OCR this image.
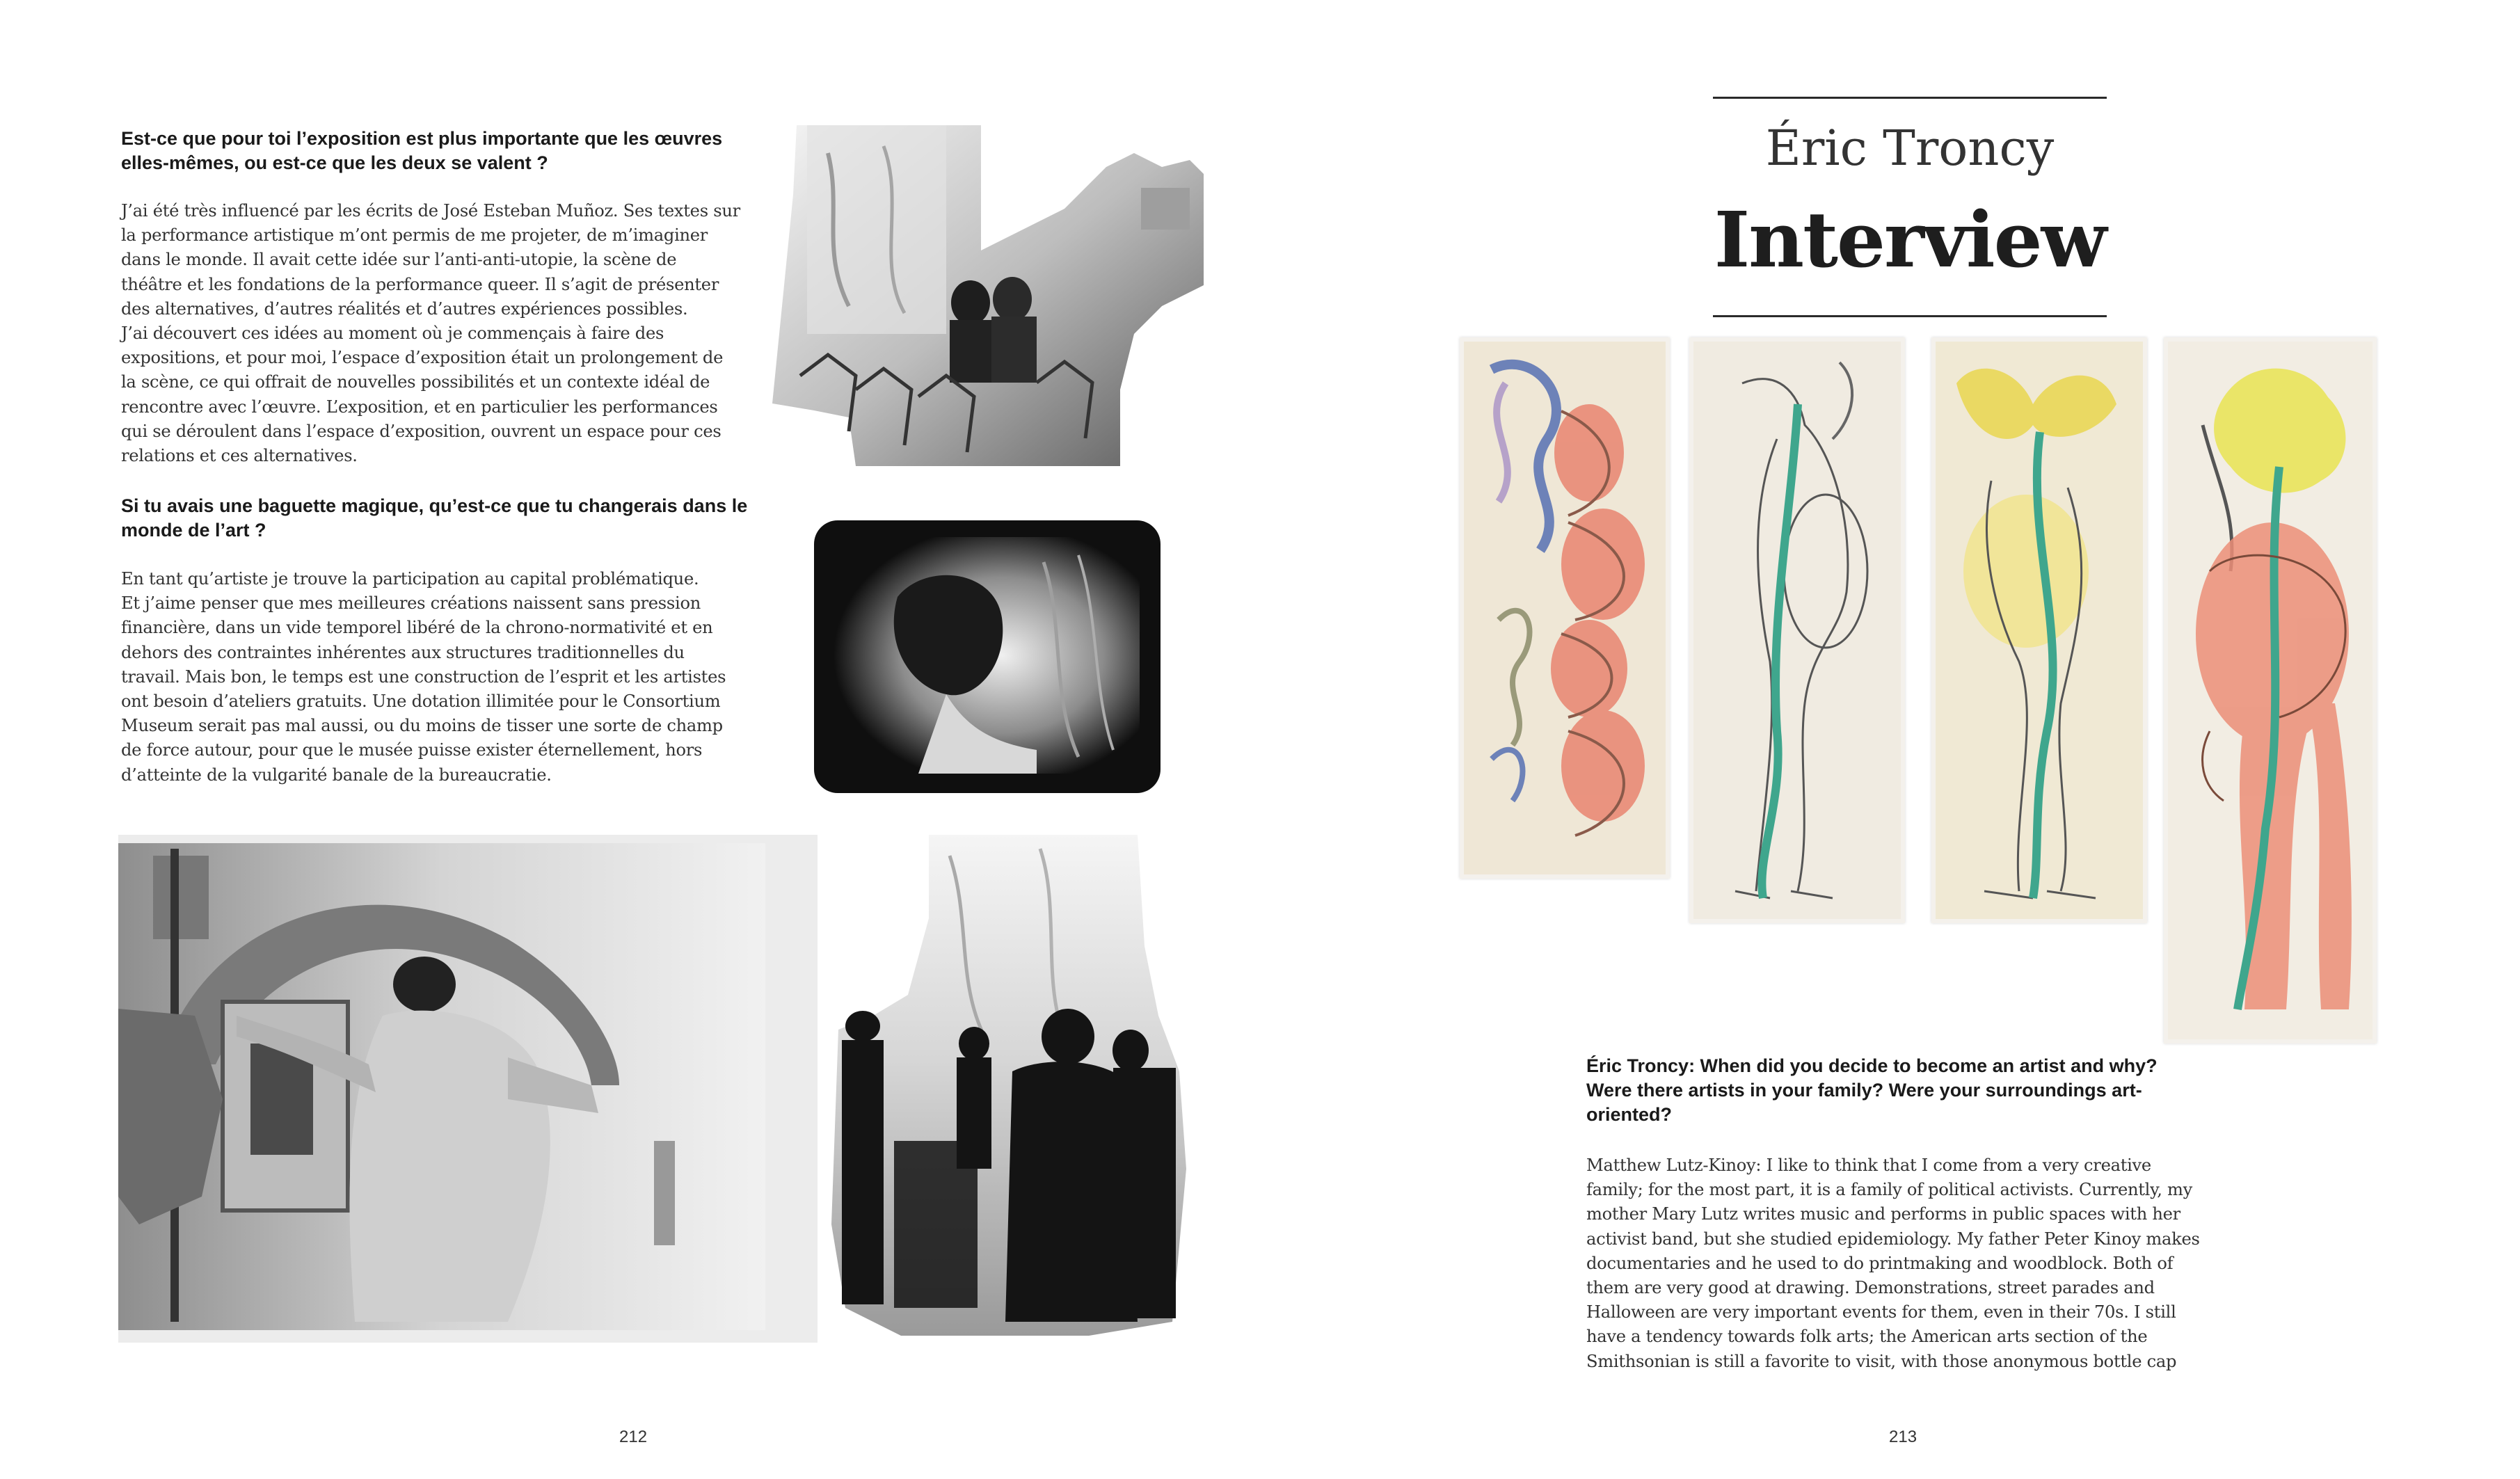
Est-ce que pour toi l’exposition est plus importante que les œuvres elles-mêmes, ou est-ce que les deux se valent ?

J’ai été très influencé par les écrits de José Esteban Muñoz. Ses textes sur

la performance artistique m’ont permis de me projeter, de m’imaginer

dans le monde. Il avait cette idée sur l’anti-anti-utopie, la scène de

théâtre et les fondations de la performance queer. Il s’agit de présenter

des alternatives, d’autres réalités et d’autres expériences possibles.

J’ai découvert ces idées au moment où je commençais à faire des

expositions, et pour moi, l’espace d’exposition était un prolongement de

la scène, ce qui offrait de nouvelles possibilités et un contexte idéal de

rencontre avec l’œuvre. L’exposition, et en particulier les performances

qui se déroulent dans l’espace d’exposition, ouvrent un espace pour ces

relations et ces alternatives.

Si tu avais une baguette magique, qu’est-ce que tu changerais dans le monde de l’art ?

En tant qu’artiste je trouve la participation au capital problématique.

Et j’aime penser que mes meilleures créations naissent sans pression

financière, dans un vide temporel libéré de la chrono-normativité et en

dehors des contraintes inhérentes aux structures traditionnelles du

travail. Mais bon, le temps est une construction de l’esprit et les artistes

ont besoin d’ateliers gratuits. Une dotation illimitée pour le Consortium

Museum serait pas mal aussi, ou du moins de tisser une sorte de champ

de force autour, pour que le musée puisse exister éternellement, hors

d’atteinte de la vulgarité banale de la bureaucratie.

212
Éric Troncy
Interview
Éric Troncy: When did you decide to become an artist and why?
Were there artists in your family? Were your surroundings art-
oriented?

Matthew Lutz-Kinoy: I like to think that I come from a very creative

family; for the most part, it is a family of political activists. Currently, my

mother Mary Lutz writes music and performs in public spaces with her

activist band, but she studied epidemiology. My father Peter Kinoy makes

documentaries and he used to do printmaking and woodblock. Both of

them are very good at drawing. Demonstrations, street parades and

Halloween are very important events for them, even in their 70s. I still

have a tendency towards folk arts; the American arts section of the

Smithsonian is still a favorite to visit, with those anonymous bottle cap

213
